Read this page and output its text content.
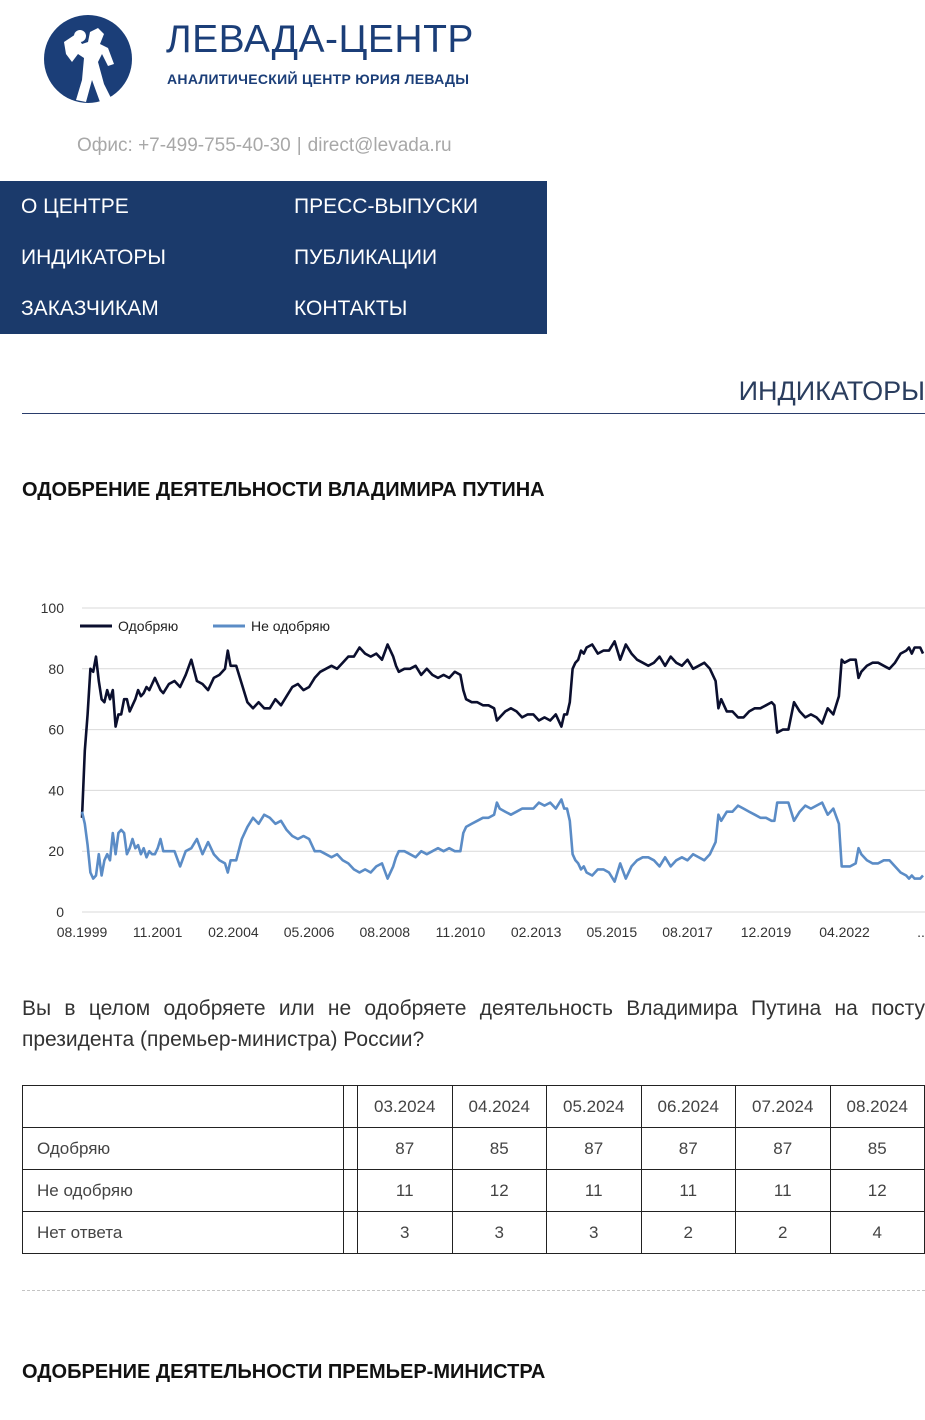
ЛЕВАДА-ЦЕНТР
АНАЛИТИЧЕСКИЙ ЦЕНТР ЮРИЯ ЛЕВАДЫ
Офис: +7-499-755-40-30 | direct@levada.ru
О ЦЕНТРЕ	ПРЕСС-ВЫПУСКИ
ИНДИКАТОРЫ	ПУБЛИКАЦИИ
ЗАКАЗЧИКАМ	КОНТАКТЫ
ИНДИКАТОРЫ
ОДОБРЕНИЕ ДЕЯТЕЛЬНОСТИ ВЛАДИМИРА ПУТИНА
0
20
40
60
80
100
08.1999 11.2001 02.2004 05.2006 08.2008 11.2010 02.2013 05.2015 08.2017 12.2019 04.2022	..
Одобряю	Не одобряю
Вы в целом одобряете или не одобряете деятельность Владимира Путина на посту президента (премьер-министра) России?
		03.2024	04.2024	05.2024	06.2024	07.2024	08.2024
Одобряю		87	85	87	87	87	85
Не одобряю		11	12	11	11	11	12
Нет ответа		3	3	3	2	2	4
ОДОБРЕНИЕ ДЕЯТЕЛЬНОСТИ ПРЕМЬЕР-МИНИСТРА
